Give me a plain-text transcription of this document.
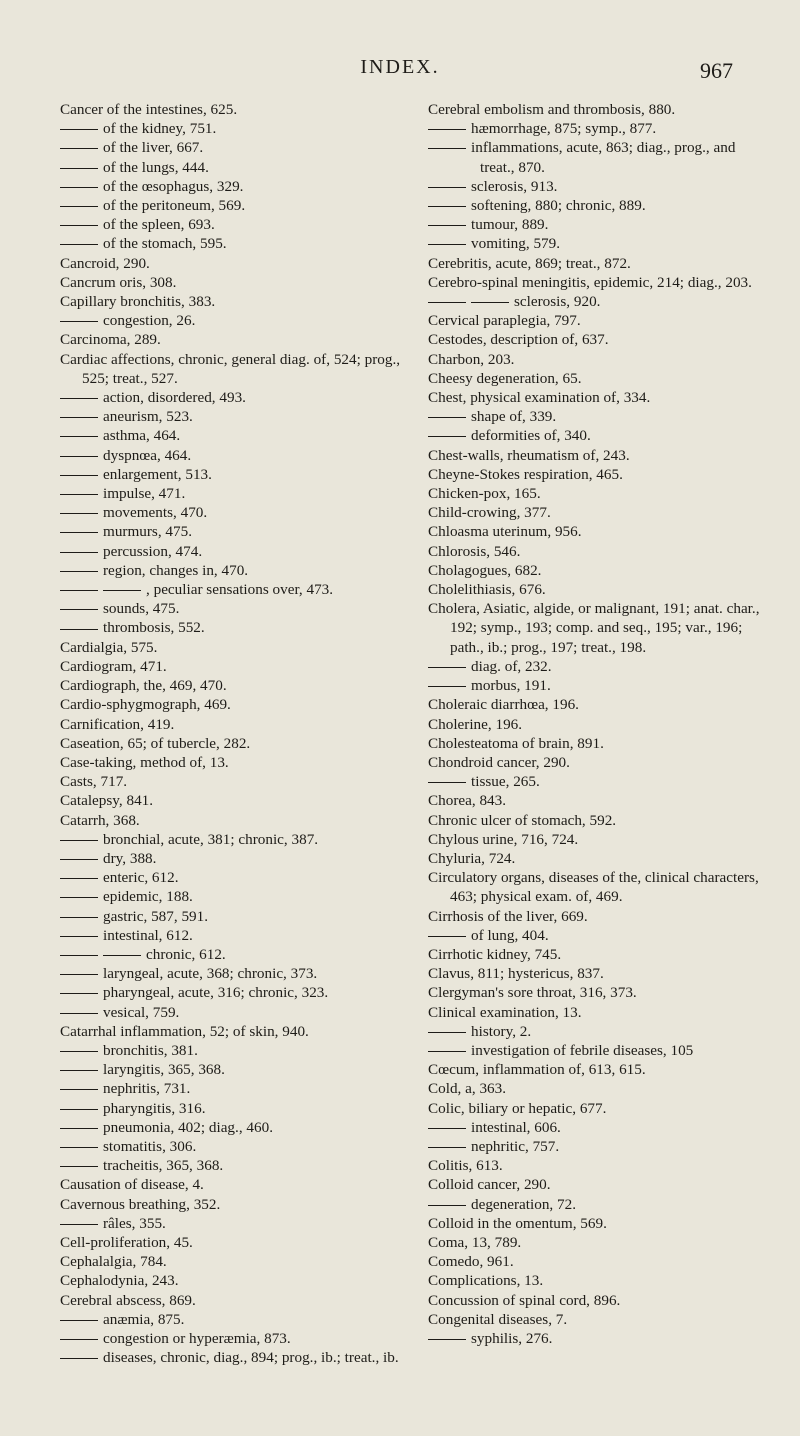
INDEX.	967
Cancer of the intestines, 625.
of the kidney, 751.
of the liver, 667.
of the lungs, 444.
of the œsophagus, 329.
of the peritoneum, 569.
of the spleen, 693.
of the stomach, 595.
Cancroid, 290.
Cancrum oris, 308.
Capillary bronchitis, 383.
congestion, 26.
Carcinoma, 289.
Cardiac affections, chronic, general diag. of, 524; prog., 525; treat., 527.
action, disordered, 493.
aneurism, 523.
asthma, 464.
dyspnœa, 464.
enlargement, 513.
impulse, 471.
movements, 470.
murmurs, 475.
percussion, 474.
region, changes in, 470.
, peculiar sensations over, 473.
sounds, 475.
thrombosis, 552.
Cardialgia, 575.
Cardiogram, 471.
Cardiograph, the, 469, 470.
Cardio-sphygmograph, 469.
Carnification, 419.
Caseation, 65; of tubercle, 282.
Case-taking, method of, 13.
Casts, 717.
Catalepsy, 841.
Catarrh, 368.
bronchial, acute, 381; chronic, 387.
dry, 388.
enteric, 612.
epidemic, 188.
gastric, 587, 591.
intestinal, 612.
chronic, 612.
laryngeal, acute, 368; chronic, 373.
pharyngeal, acute, 316; chronic, 323.
vesical, 759.
Catarrhal inflammation, 52; of skin, 940.
bronchitis, 381.
laryngitis, 365, 368.
nephritis, 731.
pharyngitis, 316.
pneumonia, 402; diag., 460.
stomatitis, 306.
tracheitis, 365, 368.
Causation of disease, 4.
Cavernous breathing, 352.
râles, 355.
Cell-proliferation, 45.
Cephalalgia, 784.
Cephalodynia, 243.
Cerebral abscess, 869.
anæmia, 875.
congestion or hyperæmia, 873.
diseases, chronic, diag., 894; prog., ib.; treat., ib.
Cerebral embolism and thrombosis, 880.
hæmorrhage, 875; symp., 877.
inflammations, acute, 863; diag., prog., and treat., 870.
sclerosis, 913.
softening, 880; chronic, 889.
tumour, 889.
vomiting, 579.
Cerebritis, acute, 869; treat., 872.
Cerebro-spinal meningitis, epidemic, 214; diag., 203.
sclerosis, 920.
Cervical paraplegia, 797.
Cestodes, description of, 637.
Charbon, 203.
Cheesy degeneration, 65.
Chest, physical examination of, 334.
shape of, 339.
deformities of, 340.
Chest-walls, rheumatism of, 243.
Cheyne-Stokes respiration, 465.
Chicken-pox, 165.
Child-crowing, 377.
Chloasma uterinum, 956.
Chlorosis, 546.
Cholagogues, 682.
Cholelithiasis, 676.
Cholera, Asiatic, algide, or malignant, 191; anat. char., 192; symp., 193; comp. and seq., 195; var., 196; path., ib.; prog., 197; treat., 198.
diag. of, 232.
morbus, 191.
Choleraic diarrhœa, 196.
Cholerine, 196.
Cholesteatoma of brain, 891.
Chondroid cancer, 290.
tissue, 265.
Chorea, 843.
Chronic ulcer of stomach, 592.
Chylous urine, 716, 724.
Chyluria, 724.
Circulatory organs, diseases of the, clinical characters, 463; physical exam. of, 469.
Cirrhosis of the liver, 669.
of lung, 404.
Cirrhotic kidney, 745.
Clavus, 811; hystericus, 837.
Clergyman's sore throat, 316, 373.
Clinical examination, 13.
history, 2.
investigation of febrile diseases, 105
Cœcum, inflammation of, 613, 615.
Cold, a, 363.
Colic, biliary or hepatic, 677.
intestinal, 606.
nephritic, 757.
Colitis, 613.
Colloid cancer, 290.
degeneration, 72.
Colloid in the omentum, 569.
Coma, 13, 789.
Comedo, 961.
Complications, 13.
Concussion of spinal cord, 896.
Congenital diseases, 7.
syphilis, 276.
